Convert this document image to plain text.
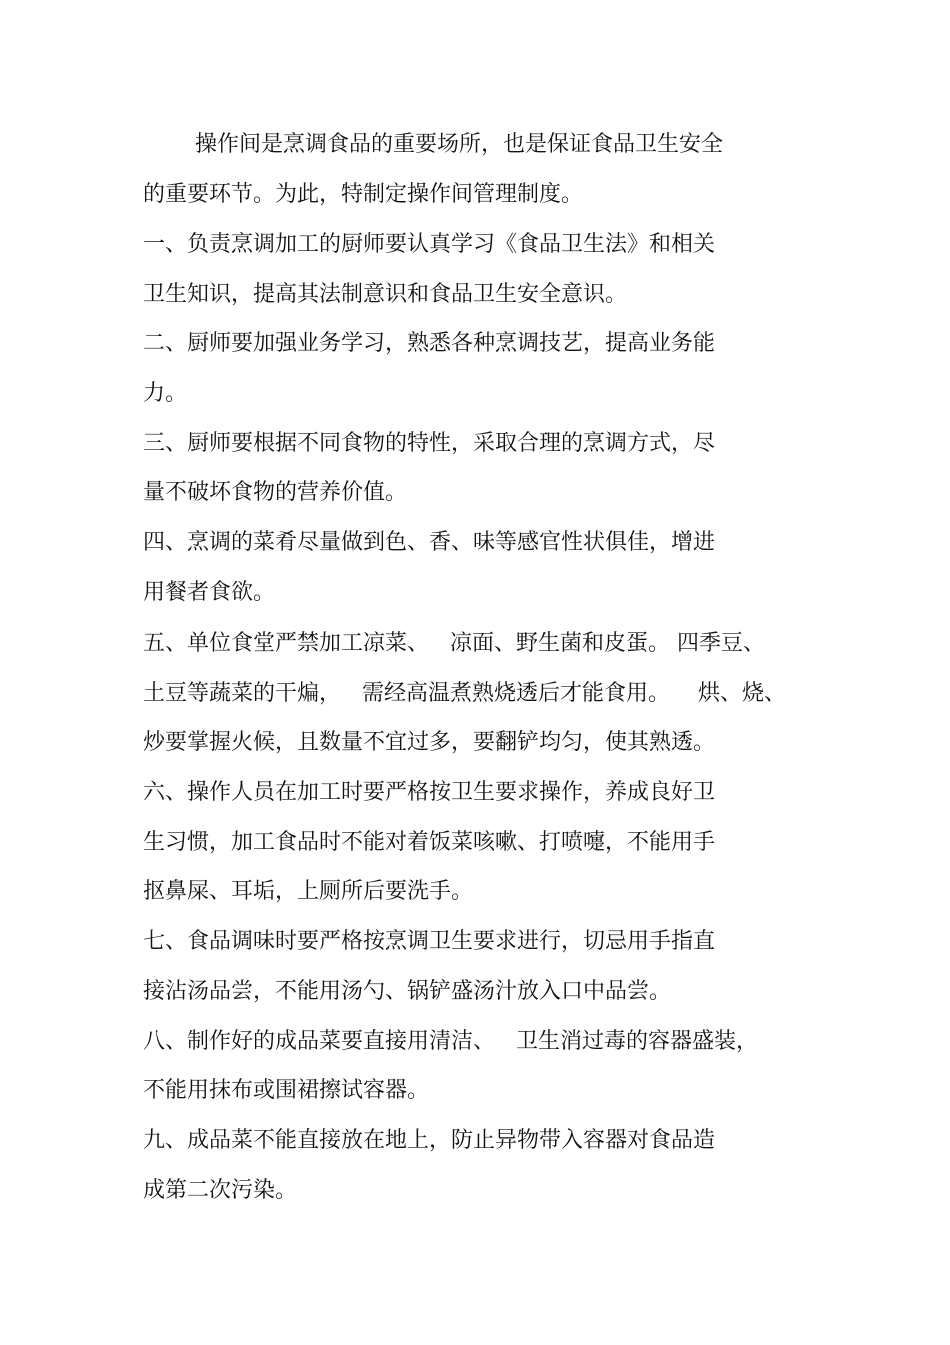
操作间是烹调食品的重要场所，也是保证食品卫生安全
的重要环节。为此，特制定操作间管理制度。
一、负责烹调加工的厨师要认真学习《食品卫生法》和相关
卫生知识，提高其法制意识和食品卫生安全意识。
二、厨师要加强业务学习，熟悉各种烹调技艺，提高业务能
力。
三、厨师要根据不同食物的特性，采取合理的烹调方式，尽
量不破坏食物的营养价值。
四、烹调的菜肴尽量做到色、香、味等感官性状俱佳，增进
用餐者食欲。
五、单位食堂严禁加工凉菜、   凉面、野生菌和皮蛋。 四季豆、
土豆等蔬菜的干煸，   需经高温煮熟烧透后才能食用。    烘、烧、
炒要掌握火候，且数量不宜过多，要翻铲均匀，使其熟透。
六、操作人员在加工时要严格按卫生要求操作，养成良好卫
生习惯，加工食品时不能对着饭菜咳嗽、打喷嚏，不能用手
抠鼻屎、耳垢，上厕所后要洗手。
七、食品调味时要严格按烹调卫生要求进行，切忌用手指直
接沾汤品尝，不能用汤勺、锅铲盛汤汁放入口中品尝。
八、制作好的成品菜要直接用清洁、   卫生消过毒的容器盛装，
不能用抹布或围裙擦试容器。
九、成品菜不能直接放在地上，防止异物带入容器对食品造
成第二次污染。
